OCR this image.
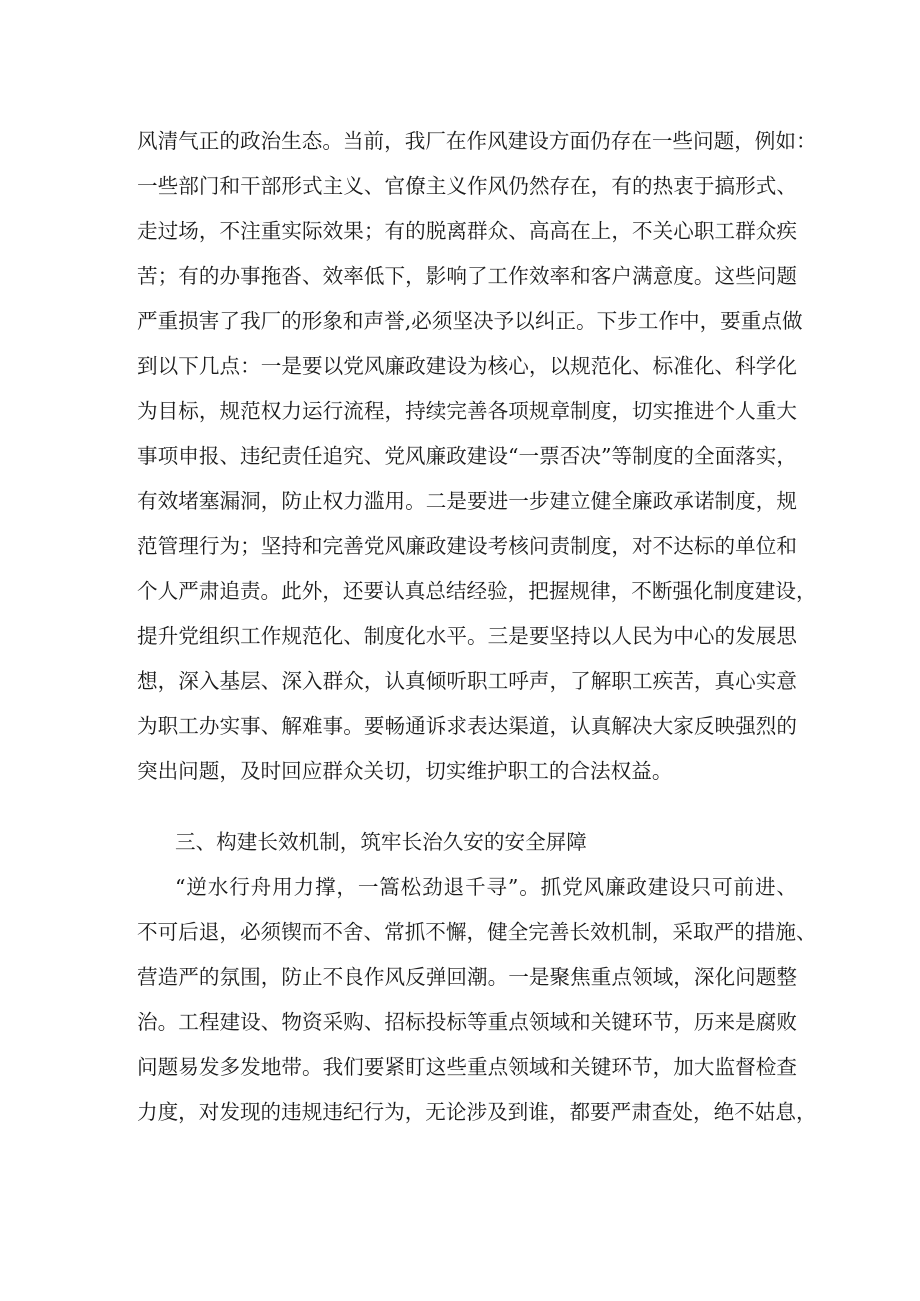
风清气正的政治生态。当前，我厂在作风建设方面仍存在一些问题，例如：
一些部门和干部形式主义、官僚主义作风仍然存在，有的热衷于搞形式、
走过场，不注重实际效果；有的脱离群众、高高在上，不关心职工群众疾
苦；有的办事拖沓、效率低下，影响了工作效率和客户满意度。这些问题
严重损害了我厂的形象和声誉,必须坚决予以纠正。下步工作中，要重点做
到以下几点：一是要以党风廉政建设为核心，以规范化、标准化、科学化
为目标，规范权力运行流程，持续完善各项规章制度，切实推进个人重大
事项申报、违纪责任追究、党风廉政建设“一票否决”等制度的全面落实，
有效堵塞漏洞，防止权力滥用。二是要进一步建立健全廉政承诺制度，规
范管理行为；坚持和完善党风廉政建设考核问责制度，对不达标的单位和
个人严肃追责。此外，还要认真总结经验，把握规律，不断强化制度建设，
提升党组织工作规范化、制度化水平。三是要坚持以人民为中心的发展思
想，深入基层、深入群众，认真倾听职工呼声，了解职工疾苦，真心实意
为职工办实事、解难事。要畅通诉求表达渠道，认真解决大家反映强烈的
突出问题，及时回应群众关切，切实维护职工的合法权益。
三、构建长效机制，筑牢长治久安的安全屏障
“逆水行舟用力撑，一篙松劲退千寻”。抓党风廉政建设只可前进、
不可后退，必须锲而不舍、常抓不懈，健全完善长效机制，采取严的措施、
营造严的氛围，防止不良作风反弹回潮。一是聚焦重点领域，深化问题整
治。工程建设、物资采购、招标投标等重点领域和关键环节，历来是腐败
问题易发多发地带。我们要紧盯这些重点领域和关键环节，加大监督检查
力度，对发现的违规违纪行为，无论涉及到谁，都要严肃查处，绝不姑息，
